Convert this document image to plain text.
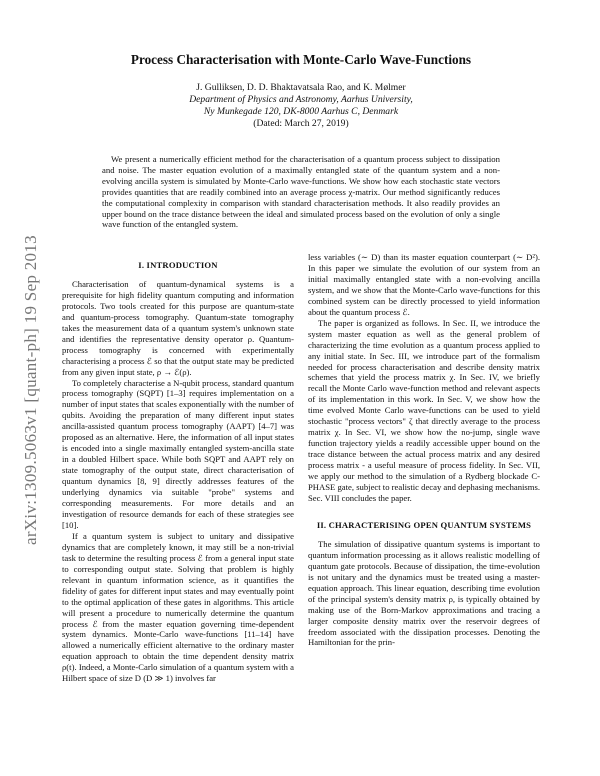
arXiv:1309.5063v1 [quant-ph] 19 Sep 2013
Process Characterisation with Monte-Carlo Wave-Functions
J. Gulliksen, D. D. Bhaktavatsala Rao, and K. Mølmer
Department of Physics and Astronomy, Aarhus University,
Ny Munkegade 120, DK-8000 Aarhus C, Denmark
(Dated: March 27, 2019)

We present a numerically efficient method for the characterisation of a quantum process subject to dissipation and noise. The master equation evolution of a maximally entangled state of the quantum system and a non-evolving ancilla system is simulated by Monte-Carlo wave-functions. We show how each stochastic state vectors provides quantities that are readily combined into an average process χ-matrix. Our method significantly reduces the computational complexity in comparison with standard characterisation methods. It also readily provides an upper bound on the trace distance between the ideal and simulated process based on the evolution of only a single wave function of the entangled system.

I. INTRODUCTION

Characterisation of quantum-dynamical systems is a prerequisite for high fidelity quantum computing and information protocols. Two tools created for this purpose are quantum-state and quantum-process tomography. Quantum-state tomography takes the measurement data of a quantum system's unknown state and identifies the representative density operator ρ. Quantum-process tomography is concerned with experimentally characterising a process ℰ so that the output state may be predicted from any given input state, ρ → ℰ(ρ).

To completely characterise a N-qubit process, standard quantum process tomography (SQPT) [1–3] requires implementation on a number of input states that scales exponentially with the number of qubits. Avoiding the preparation of many different input states ancilla-assisted quantum process tomography (AAPT) [4–7] was proposed as an alternative. Here, the information of all input states is encoded into a single maximally entangled system-ancilla state in a doubled Hilbert space. While both SQPT and AAPT rely on state tomography of the output state, direct characterisation of quantum dynamics [8, 9] directly addresses features of the underlying dynamics via suitable "probe" systems and corresponding measurements. For more details and an investigation of resource demands for each of these strategies see [10].

If a quantum system is subject to unitary and dissipative dynamics that are completely known, it may still be a non-trivial task to determine the resulting process ℰ from a general input state to corresponding output state. Solving that problem is highly relevant in quantum information science, as it quantifies the fidelity of gates for different input states and may eventually point to the optimal application of these gates in algorithms. This article will present a procedure to numerically determine the quantum process ℰ from the master equation governing time-dependent system dynamics. Monte-Carlo wave-functions [11–14] have allowed a numerically efficient alternative to the ordinary master equation approach to obtain the time dependent density matrix ρ(t). Indeed, a Monte-Carlo simulation of a quantum system with a Hilbert space of size D (D ≫ 1) involves far

less variables (∼ D) than its master equation counterpart (∼ D²). In this paper we simulate the evolution of our system from an initial maximally entangled state with a non-evolving ancilla system, and we show that the Monte-Carlo wave-functions for this combined system can be directly processed to yield information about the quantum process ℰ.

The paper is organized as follows. In Sec. II, we introduce the system master equation as well as the general problem of characterizing the time evolution as a quantum process applied to any initial state. In Sec. III, we introduce part of the formalism needed for process characterisation and describe density matrix schemes that yield the process matrix χ. In Sec. IV, we briefly recall the Monte Carlo wave-function method and relevant aspects of its implementation in this work. In Sec. V, we show how the time evolved Monte Carlo wave-functions can be used to yield stochastic "process vectors" ζ that directly average to the process matrix χ. In Sec. VI, we show how the no-jump, single wave function trajectory yields a readily accessible upper bound on the trace distance between the actual process matrix and any desired process matrix - a useful measure of process fidelity. In Sec. VII, we apply our method to the simulation of a Rydberg blockade C-PHASE gate, subject to realistic decay and dephasing mechanisms. Sec. VIII concludes the paper.

II. CHARACTERISING OPEN QUANTUM SYSTEMS

The simulation of dissipative quantum systems is important to quantum information processing as it allows realistic modelling of quantum gate protocols. Because of dissipation, the time-evolution is not unitary and the dynamics must be treated using a master-equation approach. This linear equation, describing time evolution of the principal system's density matrix ρ, is typically obtained by making use of the Born-Markov approximations and tracing a larger composite density matrix over the reservoir degrees of freedom associated with the dissipation processes. Denoting the Hamiltonian for the prin-
